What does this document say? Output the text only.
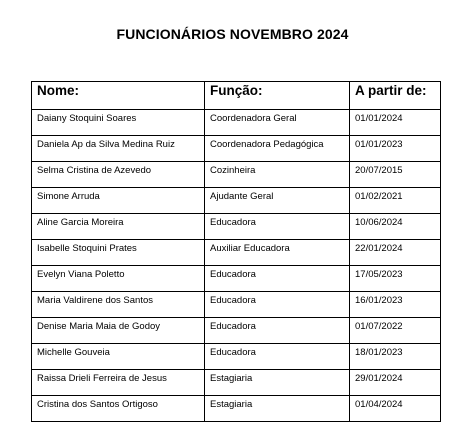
FUNCIONÁRIOS NOVEMBRO 2024
Nome:	Função:	A partir de:
Daiany Stoquini Soares	Coordenadora Geral	01/01/2024
Daniela Ap da Silva Medina Ruiz	Coordenadora Pedagógica	01/01/2023
Selma Cristina de Azevedo	Cozinheira	20/07/2015
Simone Arruda	Ajudante Geral	01/02/2021
Aline Garcia Moreira	Educadora	10/06/2024
Isabelle Stoquini Prates	Auxiliar Educadora	22/01/2024
Evelyn Viana Poletto	Educadora	17/05/2023
Maria Valdirene dos Santos	Educadora	16/01/2023
Denise Maria Maia de Godoy	Educadora	01/07/2022
Michelle Gouveia	Educadora	18/01/2023
Raissa Drieli Ferreira de Jesus	Estagiaria	29/01/2024
Cristina dos Santos Ortigoso	Estagiaria	01/04/2024
